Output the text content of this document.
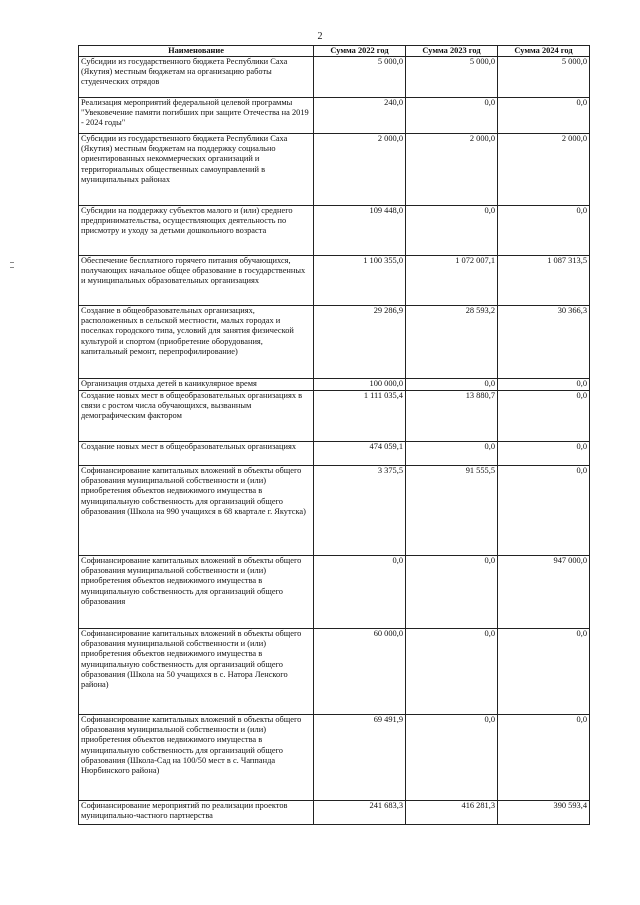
2
Наименование	Сумма 2022 год	Сумма 2023 год	Сумма 2024 год
Субсидии из государственного бюджета Республики Саха (Якутия) местным бюджетам на организацию работы студенческих отрядов	5 000,0	5 000,0	5 000,0
Реализация мероприятий федеральной целевой программы "Увековечение памяти погибших при защите Отечества на 2019 - 2024 годы"	240,0	0,0	0,0
Субсидии из государственного бюджета Республики Саха (Якутия) местным бюджетам на поддержку социально ориентированных некоммерческих организаций и территориальных общественных самоуправлений в муниципальных районах	2 000,0	2 000,0	2 000,0
Субсидии на поддержку субъектов малого и (или) среднего предпринимательства, осуществляющих деятельность по присмотру и уходу за детьми дошкольного возраста	109 448,0	0,0	0,0
Обеспечение бесплатного горячего питания обучающихся, получающих начальное общее образование в государственных и муниципальных образовательных организациях	1 100 355,0	1 072 007,1	1 087 313,5
Создание в общеобразовательных организациях, расположенных в сельской местности, малых городах и поселках городского типа, условий для занятия физической культурой и спортом (приобретение оборудования, капитальный ремонт, перепрофилирование)	29 286,9	28 593,2	30 366,3
Организация отдыха детей в каникулярное время	100 000,0	0,0	0,0
Создание новых мест в общеобразовательных организациях в связи с ростом числа обучающихся, вызванным демографическим фактором	1 111 035,4	13 880,7	0,0
Создание новых мест в общеобразовательных организациях	474 059,1	0,0	0,0
Софинансирование капитальных вложений в объекты общего образования муниципальной собственности и (или) приобретения объектов недвижимого имущества в муниципальную собственность для организаций общего образования (Школа на 990 учащихся в 68 квартале г. Якутска)	3 375,5	91 555,5	0,0
Софинансирование капитальных вложений в объекты общего образования муниципальной собственности и (или) приобретения объектов недвижимого имущества в муниципальную собственность для организаций общего образования	0,0	0,0	947 000,0
Софинансирование капитальных вложений в объекты общего образования муниципальной собственности и (или) приобретения объектов недвижимого имущества в муниципальную собственность для организаций общего образования (Школа на 50 учащихся в с. Натора Ленского района)	60 000,0	0,0	0,0
Софинансирование капитальных вложений в объекты общего образования муниципальной собственности и (или) приобретения объектов недвижимого имущества в муниципальную собственность для организаций общего образования (Школа-Сад на 100/50 мест в с. Чаппанда Нюрбинского района)	69 491,9	0,0	0,0
Софинансирование мероприятий по реализации проектов муниципально-частного партнерства	241 683,3	416 281,3	390 593,4
